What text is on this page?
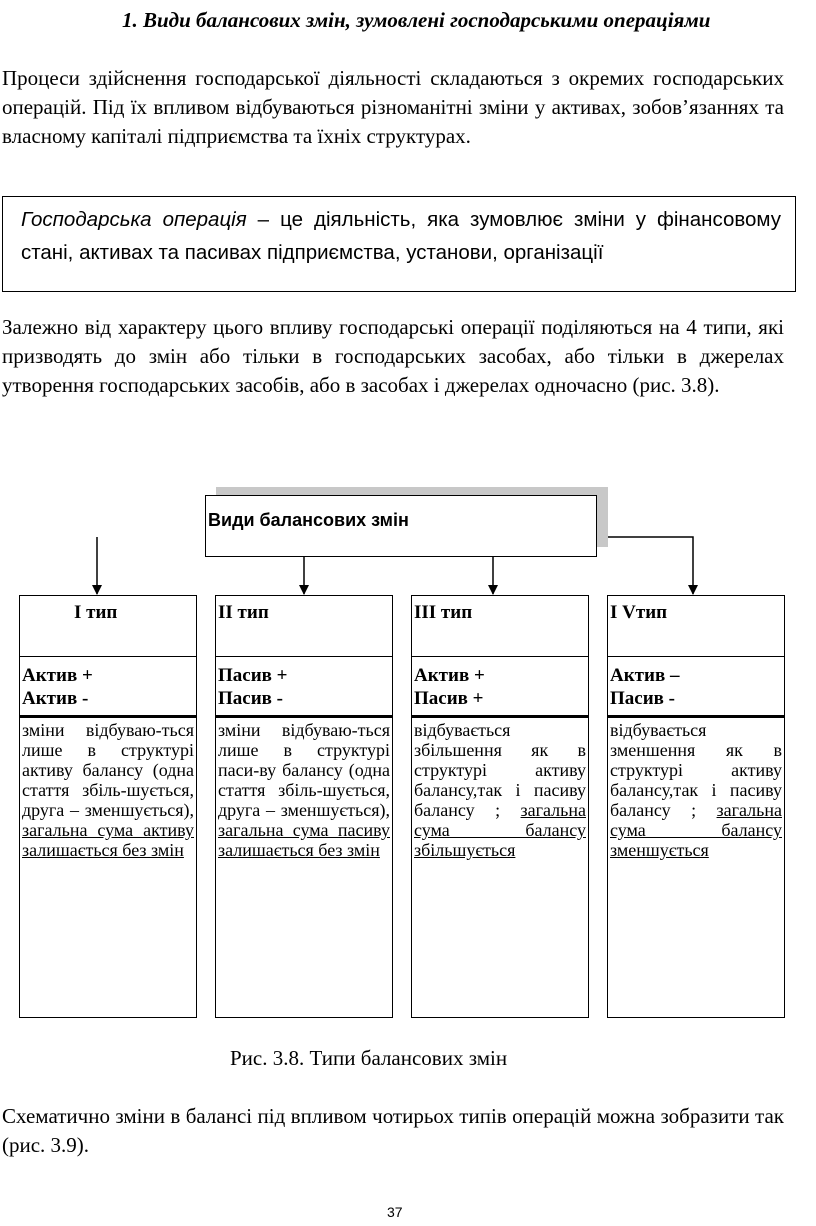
1. Види балансових змін, зумовлені господарськими операціями
Процеси здійснення господарської діяльності складаються з окремих господарських операцій. Під їх впливом відбуваються різноманітні зміни у активах, зобов’язаннях та власному капіталі підприємства та їхніх структурах.
Господарська операція – це діяльність, яка зумовлює зміни у фінансовому стані, активах та пасивах підприємства, установи, організації
Залежно від характеру цього впливу господарські операції поділяються на 4 типи, які призводять до змін або тільки в господарських засобах, або тільки в джерелах утворення господарських засобів, або в засобах і джерелах одночасно (рис. 3.8).
Види балансових змін
І тип
Актив +
Актив -
зміни відбуваю-ться лише в структурі активу балансу (одна стаття збіль-шується, друга – зменшується), загальна сума активу залишається без змін
ІІ тип
Пасив +
Пасив -
зміни відбуваю-ться лише в структурі паси-ву балансу (одна стаття збіль-шується, друга – зменшується), загальна сума пасиву залишається без змін
ІІІ тип
Актив +
Пасив +
відбувається збільшення як в структурі активу балансу,так і пасиву балансу ; загальна сума балансу збільшується
І Vтип
Актив –
Пасив -
відбувається зменшення як в структурі активу балансу,так і пасиву балансу ; загальна сума балансу зменшується
Рис. 3.8. Типи балансових змін
Схематично зміни в балансі під впливом чотирьох типів операцій можна зобразити так (рис. 3.9).
37
